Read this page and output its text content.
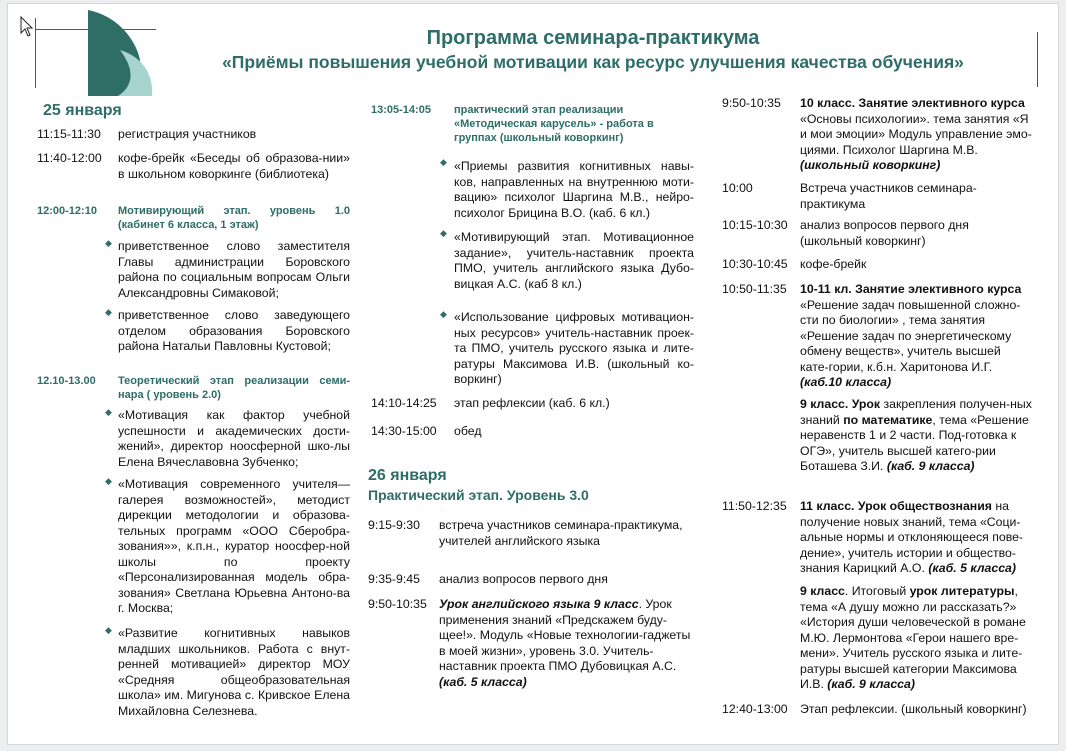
Программа семинара-практикума
«Приёмы повышения учебной мотивации как ресурс улучшения качества обучения»
25 января
11:15-11:30 регистрация участников
11:40-12:00 кофе-брейк «Беседы об образова-нии» в школьном коворкинге (библиотека)
12:00-12:10 Мотивирующий этап. уровень 1.0 (кабинет 6 класса, 1 этаж)
◆ приветственное слово заместителя Главы администрации Боровского района по социальным вопросам Ольги Александровны Симаковой;
◆ приветственное слово заведующего отделом образования Боровского района Натальи Павловны Кустовой;
12.10-13.00 Теоретический этап реализации семи-нара ( уровень 2.0)
◆ «Мотивация как фактор учебной успешности и академических дости-жений», директор ноосферной шко-лы Елена Вячеславовна Зубченко;
◆ «Мотивация современного учителя— галерея возможностей», методист дирекции методологии и образова-тельных программ «ООО Сберобра-зования»», к.п.н., куратор ноосфер-ной школы по проекту «Персонализированная модель обра-зования» Светлана Юрьевна Антоно-ва г. Москва;
◆ «Развитие когнитивных навыков младших школьников. Работа с внут-ренней мотивацией» директор МОУ «Средняя общеобразовательная школа» им. Мигунова с. Кривское Елена Михайловна Селезнева.
13:05-14:05 практический этап реализации «Методическая карусель» - работа в группах (школьный коворкинг)
◆ «Приемы развития когнитивных навы-ков, направленных на внутреннюю моти-вацию» психолог Шаргина М.В., нейро-психолог Брицина В.О. (каб. 6 кл.)
◆ «Мотивирующий этап. Мотивационное задание», учитель-наставник проекта ПМО, учитель английского языка Дубо-вицкая А.С. (каб 8 кл.)
◆ «Использование цифровых мотивацион-ных ресурсов» учитель-наставник проек-та ПМО, учитель русского языка и лите-ратуры Максимова И.В. (школьный ко-воркинг)
14:10-14:25 этап рефлексии (каб. 6 кл.)
14:30-15:00 обед
26 января
Практический этап. Уровень 3.0
9:15-9:30 встреча участников семинара-практикума, учителей английского языка
9:35-9:45 анализ вопросов первого дня
9:50-10:35 Урок английского языка 9 класс. Урок применения знаний «Предскажем буду-щее!». Модуль «Новые технологии-гаджеты в моей жизни», уровень 3.0. Учитель-наставник проекта ПМО Дубовицкая А.С. (каб. 5 класса)
9:50-10:35 10 класс. Занятие элективного курса «Основы психологии». тема занятия «Я и мои эмоции» Модуль управление эмо-циями. Психолог Шаргина М.В. (школьный коворкинг)
10:00	Встреча участников семинара-практикума
10:15-10:30 анализ вопросов первого дня (школьный коворкинг)
10:30-10:45 кофе-брейк
10:50-11:35 10-11 кл. Занятие элективного курса «Решение задач повышенной сложно-сти по биологии» , тема занятия «Решение задач по энергетическому обмену веществ», учитель высшей кате-гории, к.б.н. Харитонова И.Г. (каб.10 класса)
9 класс. Урок закрепления получен-ных знаний по математике, тема «Решение неравенств 1 и 2 части. Под-готовка к ОГЭ», учитель высшей катего-рии Боташева З.И. (каб. 9 класса)
11:50-12:35 11 класс. Урок обществознания на получение новых знаний, тема «Соци-альные нормы и отклоняющееся пове-дение», учитель истории и общество-знания Карицкий А.О. (каб. 5 класса)
9 класс. Итоговый урок литературы, тема «А душу можно ли рассказать?» «История души человеческой в романе М.Ю. Лермонтова «Герои нашего вре-мени». Учитель русского языка и лите-ратуры высшей категории Максимова И.В. (каб. 9 класса)
12:40-13:00 Этап рефлексии. (школьный коворкинг)
